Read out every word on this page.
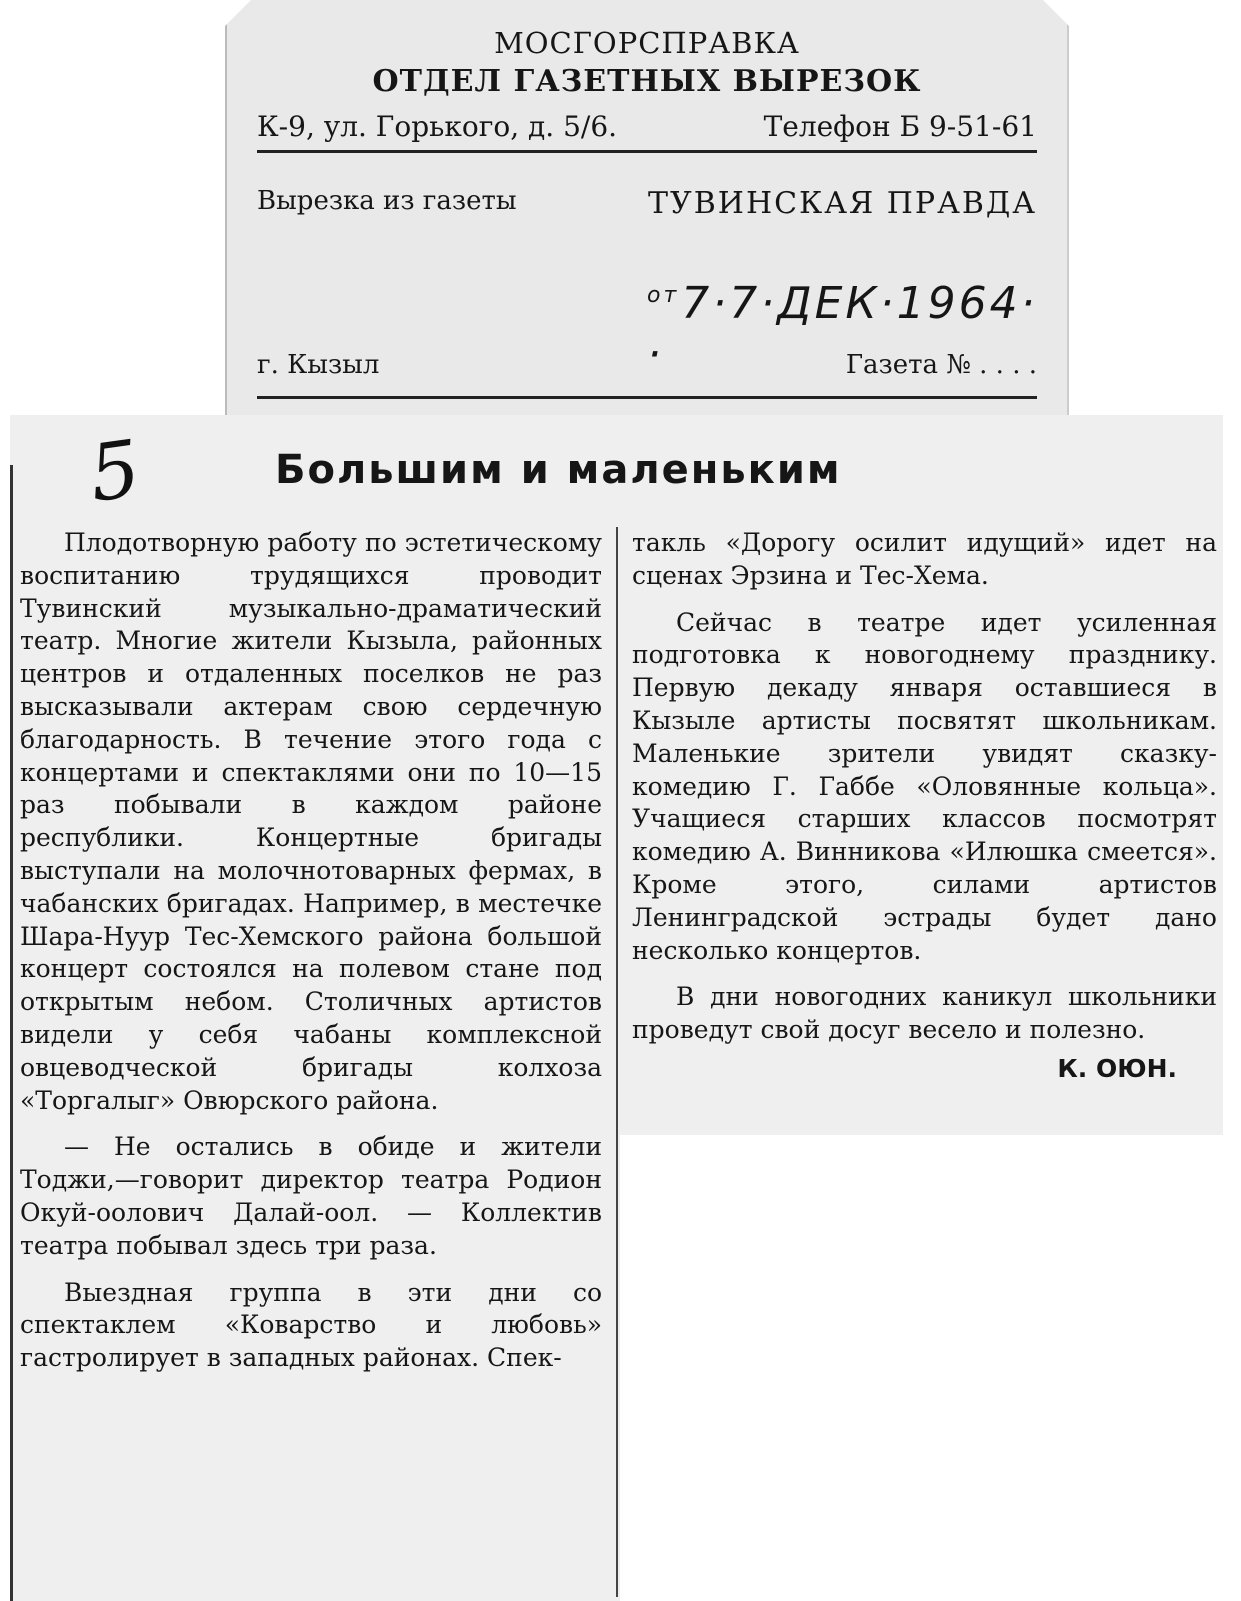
МОСГОРСПРАВКА
ОТДЕЛ ГАЗЕТНЫХ ВЫРЕЗОК
К-9, ул. Горького, д. 5/6.	Телефон Б 9-51-61
Вырезка из газеты	ТУВИНСКАЯ ПРАВДА
$^{от}$7·7·ДЕК·1964· ·
г. Кызыл	Газета № . . . .
5	Большим и маленьким

Плодотворную работу по эстетическому воспитанию трудящихся проводит Тувинский музыкально-драматический театр. Многие жители Кызыла, районных центров и отдаленных поселков не раз высказывали актерам свою сердечную благодарность. В течение этого года с концертами и спектаклями они по 10—15 раз побывали в каждом районе республики. Концертные бригады выступали на молочнотоварных фермах, в чабанских бригадах. Например, в местечке Шара-Нуур Тес-Хемского района большой концерт состоялся на полевом стане под открытым небом. Столичных артистов видели у себя чабаны комплексной овцеводческой бригады колхоза «Торгалыг» Овюрского района.

— Не остались в обиде и жители Тоджи,—говорит директор театра Родион Окуй-оолович Далай-оол. — Коллектив театра побывал здесь три раза.

Выездная группа в эти дни со спектаклем «Коварство и любовь» гастролирует в западных районах. Спек-

такль «Дорогу осилит идущий» идет на сценах Эрзина и Тес-Хема.

Сейчас в театре идет усиленная подготовка к новогоднему празднику. Первую декаду января оставшиеся в Кызыле артисты посвятят школьникам. Маленькие зрители увидят сказку-комедию Г. Габбе «Оловянные кольца». Учащиеся старших классов посмотрят комедию А. Винникова «Илюшка смеется». Кроме этого, силами артистов Ленинградской эстрады будет дано несколько концертов.

В дни новогодних каникул школьники проведут свой досуг весело и полезно.

К. ОЮН.
